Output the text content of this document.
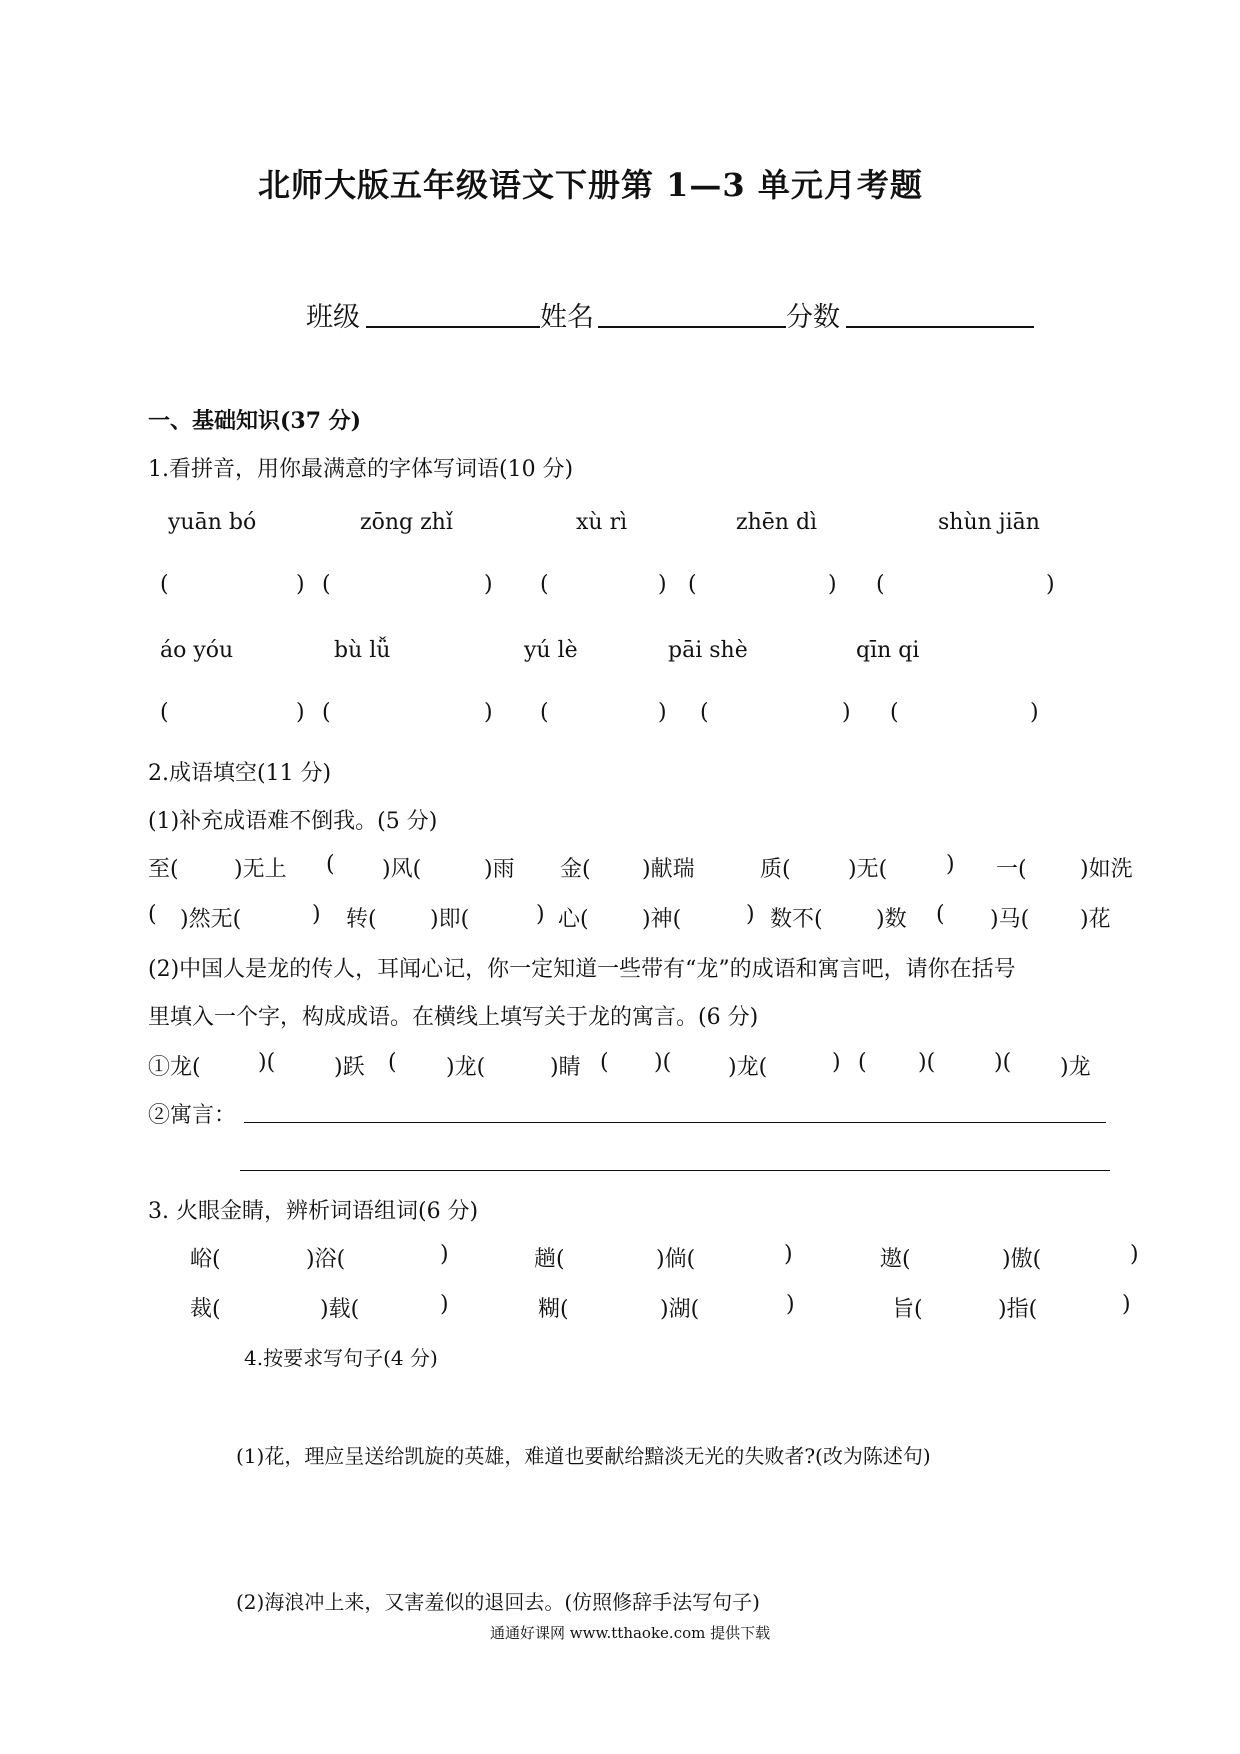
北师大版五年级语文下册第 1—3 单元月考题
班级	姓名	分数
一、基础知识(37 分)
1.看拼音，用你最满意的字体写词语(10 分)
yuān bó	zōng zhǐ	xù rì	zhēn dì	shùn jiān
(	) (	) (	) (	) (	)
áo yóu	bù lǚ	yú lè	pāi shè	qīn qi
(	) (	) (	) (	) (	)
2.成语填空(11 分)
(1)补充成语难不倒我。(5 分)
至(	)无上 ( )风(	)雨 金( )献瑞	质(	)无(	) 一( )如洗
( )然无(	) 转( )即(	) 心( )神(	) 数不( )数 ( )马( )花
(2)中国人是龙的传人，耳闻心记，你一定知道一些带有“龙”的成语和寓言吧，请你在括号
里填入一个字，构成成语。在横线上填写关于龙的寓言。(6 分)
①龙(	)(	)跃 ( )龙(	)睛 ( )(	)龙(	) ( )(	)( )龙
②寓言：
3. 火眼金睛，辨析词语组词(6 分)
峪(	)浴(	)	趟(	)倘(	)	遨(	)傲(	)
裁(	)载(	)	糊(	)湖(	)	旨(	)指(	)
4.按要求写句子(4 分)
(1)花，理应呈送给凯旋的英雄，难道也要献给黯淡无光的失败者?(改为陈述句)
(2)海浪冲上来，又害羞似的退回去。(仿照修辞手法写句子)
通通好课网 www.tthaoke.com 提供下载
